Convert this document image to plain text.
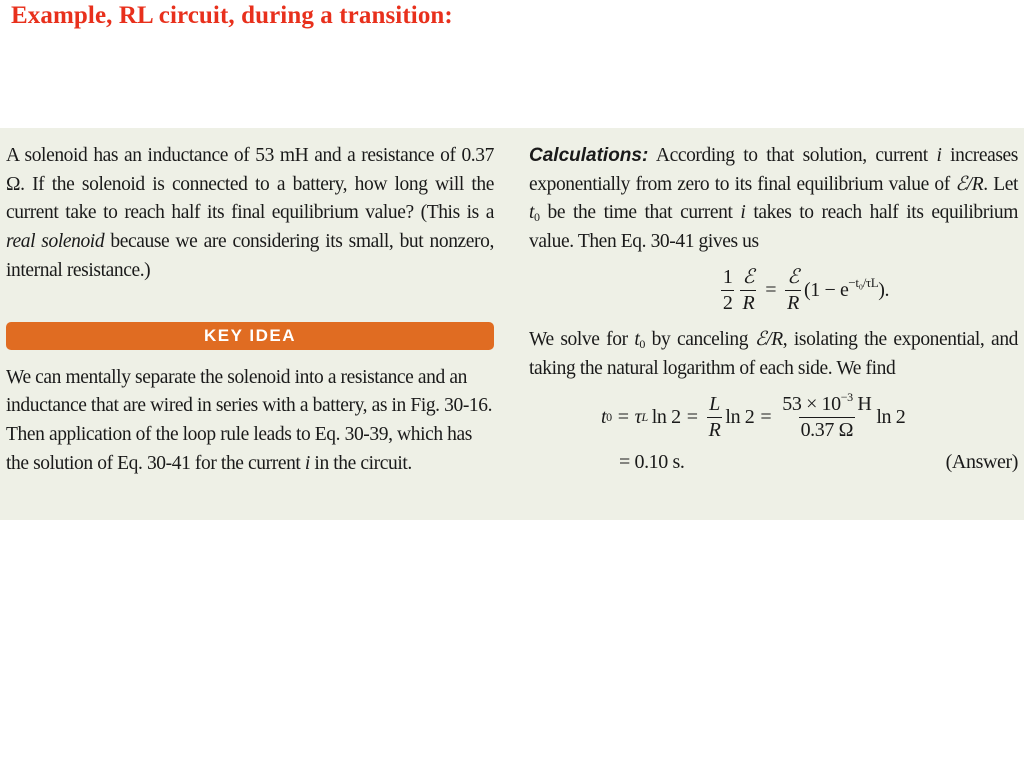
Example, RL circuit, during a transition:

A solenoid has an inductance of 53 mH and a resistance of 0.37 Ω. If the solenoid is connected to a battery, how long will the current take to reach half its final equilibrium value? (This is a real solenoid because we are considering its small, but nonzero, internal resistance.)

KEY IDEA

We can mentally separate the solenoid into a resistance and an inductance that are wired in series with a battery, as in Fig. 30-16. Then application of the loop rule leads to Eq. 30-39, which has the solution of Eq. 30-41 for the current i in the circuit.

Calculations: According to that solution, current i increases exponentially from zero to its final equilibrium value of ℰ/R. Let $t_0$ be the time that current i takes to reach half its equilibrium value. Then Eq. 30-41 gives us

$\frac{1}{2} \frac{\text{ℰ}}{R} = \frac{\text{ℰ}}{R} (1 - e^{-t_0/\tau L})$.

We solve for $t_0$ by canceling ℰ/R, isolating the exponential, and taking the natural logarithm of each side. We find

t 0 = τ L $\ln 2 = \frac{L}{R}$ $\ln 2 = \frac{53 \times 10^{-3} H}{0.37 \Omega}$ ln 2
= 0.10 s.	(Answer)
